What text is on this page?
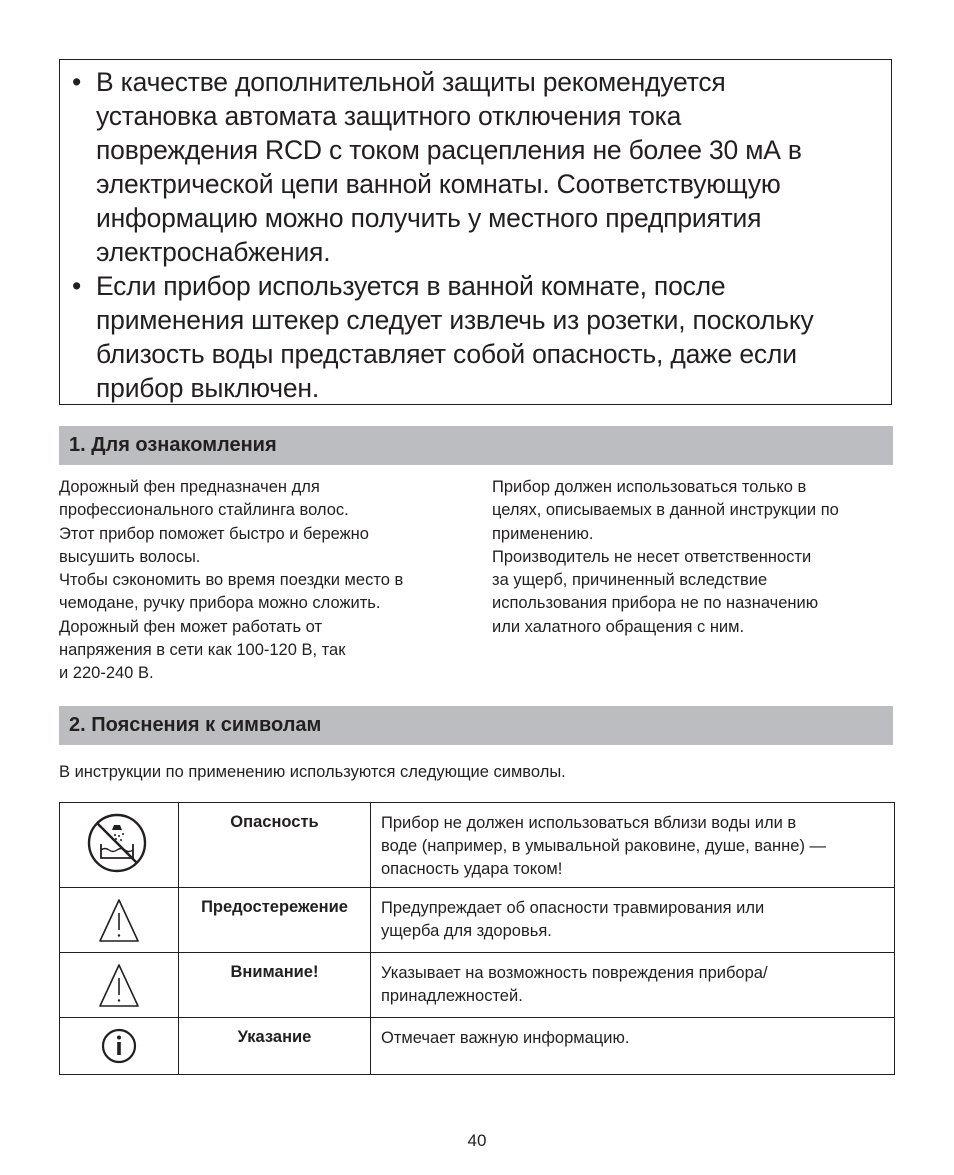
• В качестве дополнительной защиты рекомендуется
установка автомата защитного отключения тока
повреждения RCD с током расцепления не более 30 мА в
электрической цепи ванной комнаты. Соответствующую
информацию можно получить у местного предприятия
электроснабжения.
• Если прибор используется в ванной комнате, после
применения штекер следует извлечь из розетки, поскольку
близость воды представляет собой опасность, даже если
прибор выключен.
1. Для ознакомления

Дорожный фен предназначен для

профессионального стайлинга волос.

Этот прибор поможет быстро и бережно

высушить волосы.

Чтобы сэкономить во время поездки место в

чемодане, ручку прибора можно сложить.

Дорожный фен может работать от

напряжения в сети как 100-120 В, так

и 220-240 В.

Прибор должен использоваться только в

целях, описываемых в данной инструкции по

применению.

Производитель не несет ответственности

за ущерб, причиненный вследствие

использования прибора не по назначению

или халатного обращения с ним.

2. Пояснения к символам
В инструкции по применению используются следующие символы.
	Опасность	Прибор не должен использоваться вблизи воды или в
воде (например, в умывальной раковине, душе, ванне) —
опасность удара током!

	Предостережение	Предупреждает об опасности травмирования или
ущерба для здоровья.

	Внимание!	Указывает на возможность повреждения прибора/
принадлежностей.

	Указание	Отмечает важную информацию.
40
